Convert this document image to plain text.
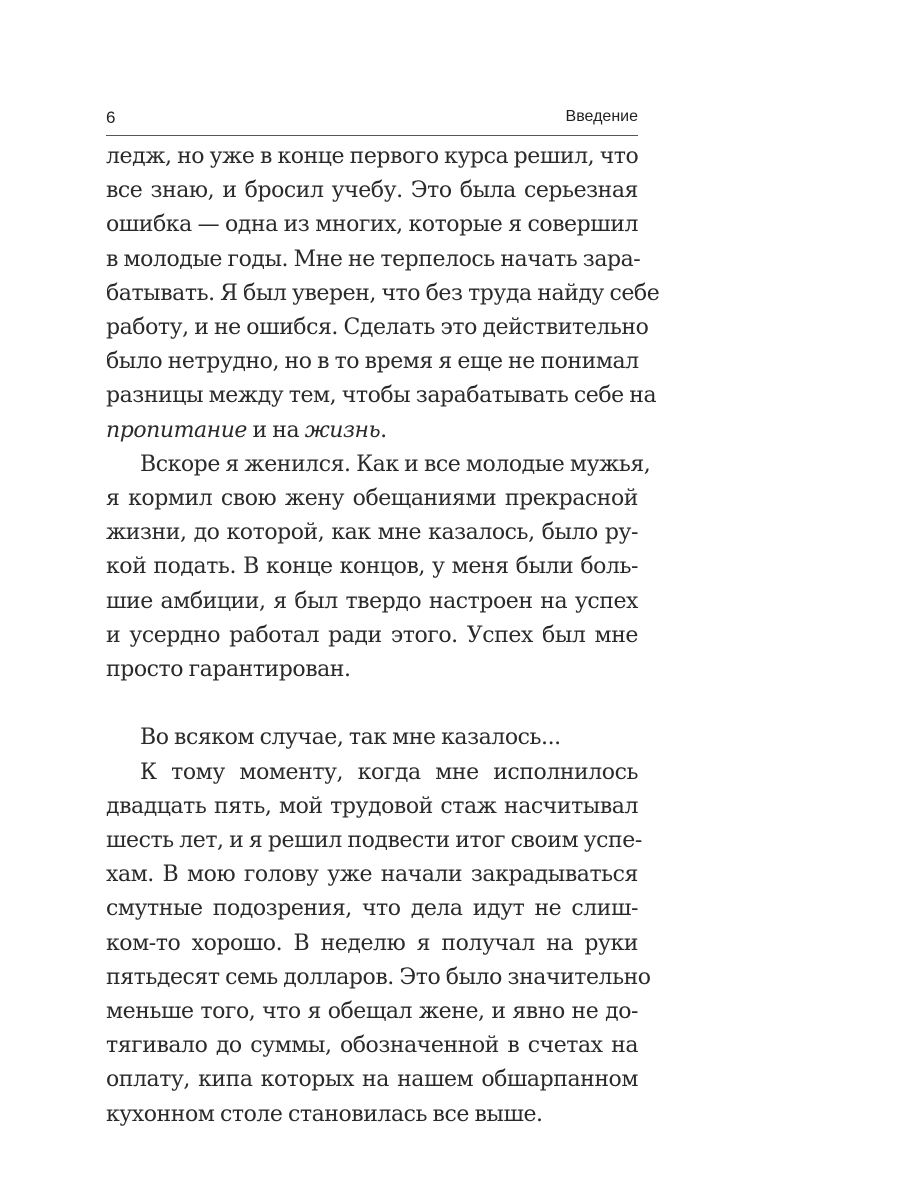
6	Введение
ледж, но уже в конце первого курса решил, что
все знаю, и бросил учебу. Это была серьезная
ошибка — одна из многих, которые я совершил
в молодые годы. Мне не терпелось начать зара-
батывать. Я был уверен, что без труда найду себе
работу, и не ошибся. Сделать это действительно
было нетрудно, но в то время я еще не понимал
разницы между тем, чтобы зарабатывать себе на
пропитание и на жизнь.
Вскоре я женился. Как и все молодые мужья,
я кормил свою жену обещаниями прекрасной
жизни, до которой, как мне казалось, было ру-
кой подать. В конце концов, у меня были боль-
шие амбиции, я был твердо настроен на успех
и усердно работал ради этого. Успех был мне
просто гарантирован.
Во всяком случае, так мне казалось...
К тому моменту, когда мне исполнилось
двадцать пять, мой трудовой стаж насчитывал
шесть лет, и я решил подвести итог своим успе-
хам. В мою голову уже начали закрадываться
смутные подозрения, что дела идут не слиш-
ком-то хорошо. В неделю я получал на руки
пятьдесят семь долларов. Это было значительно
меньше того, что я обещал жене, и явно не до-
тягивало до суммы, обозначенной в счетах на
оплату, кипа которых на нашем обшарпанном
кухонном столе становилась все выше.
